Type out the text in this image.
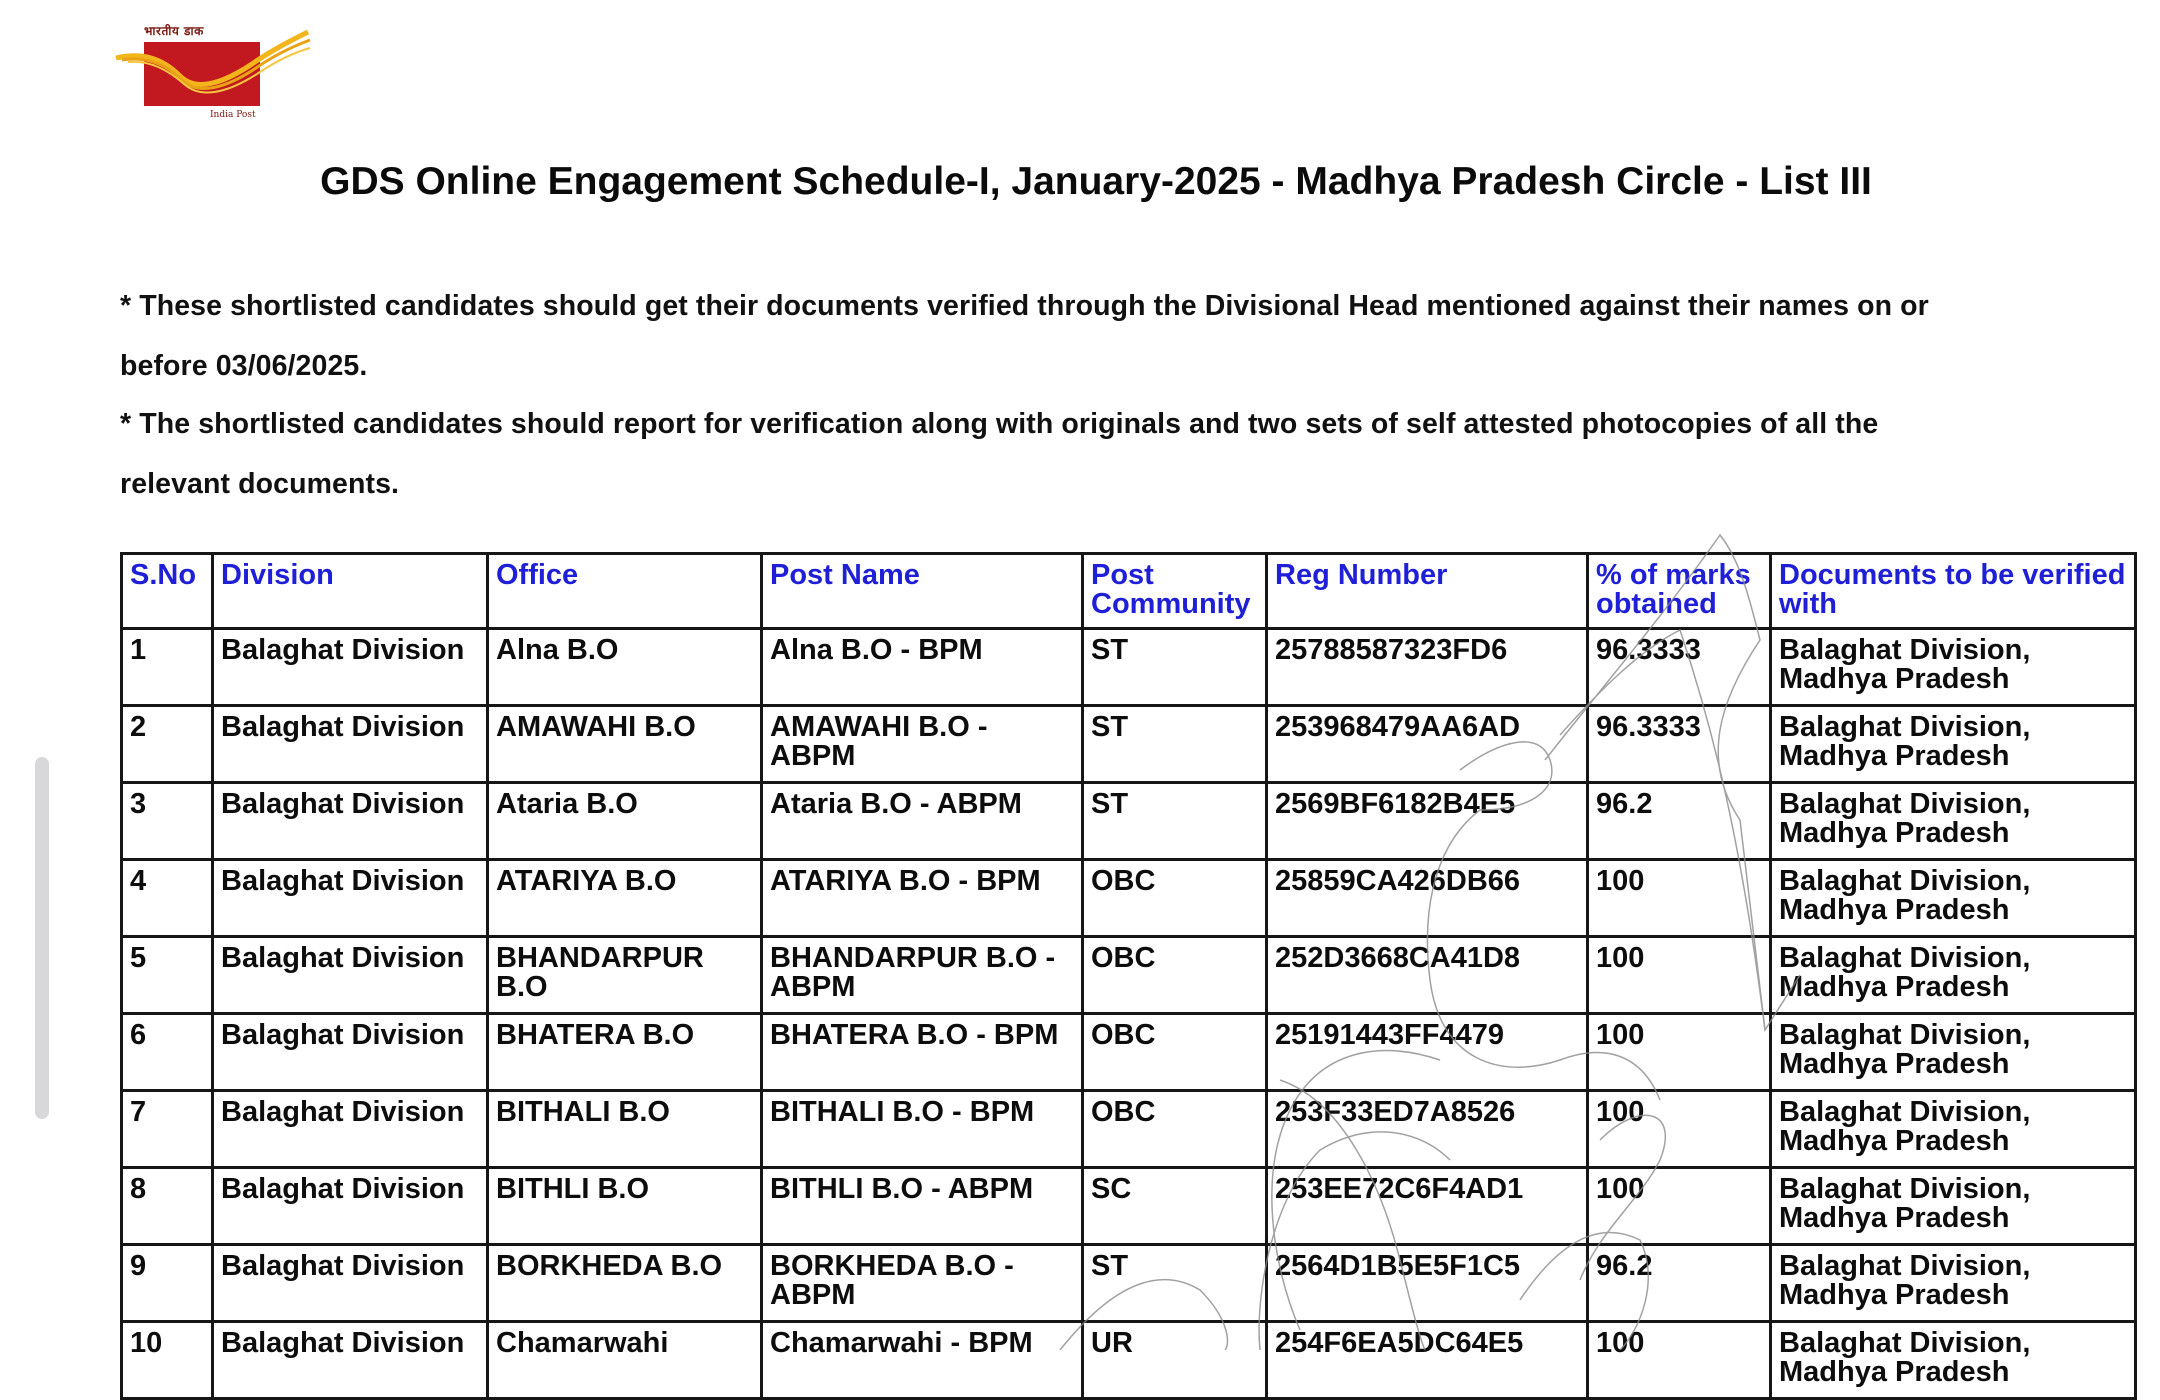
भारतीय डाक
India Post
GDS Online Engagement Schedule-I, January-2025 - Madhya Pradesh Circle - List III
* These shortlisted candidates should get their documents verified through the Divisional Head mentioned against their names on or
before 03/06/2025.
* The shortlisted candidates should report for verification along with originals and two sets of self attested photocopies of all the
relevant documents.
S.No	Division	Office	Post Name	Post Community	Reg Number	% of marks obtained	Documents to be verified with
1	Balaghat Division	Alna B.O	Alna B.O - BPM	ST	25788587323FD6	96.3333	Balaghat Division, Madhya Pradesh
2	Balaghat Division	AMAWAHI B.O	AMAWAHI B.O - ABPM	ST	253968479AA6AD	96.3333	Balaghat Division, Madhya Pradesh
3	Balaghat Division	Ataria B.O	Ataria B.O - ABPM	ST	2569BF6182B4E5	96.2	Balaghat Division, Madhya Pradesh
4	Balaghat Division	ATARIYA B.O	ATARIYA B.O - BPM	OBC	25859CA426DB66	100	Balaghat Division, Madhya Pradesh
5	Balaghat Division	BHANDARPUR B.O	BHANDARPUR B.O - ABPM	OBC	252D3668CA41D8	100	Balaghat Division, Madhya Pradesh
6	Balaghat Division	BHATERA B.O	BHATERA B.O - BPM	OBC	25191443FF4479	100	Balaghat Division, Madhya Pradesh
7	Balaghat Division	BITHALI B.O	BITHALI B.O - BPM	OBC	253F33ED7A8526	100	Balaghat Division, Madhya Pradesh
8	Balaghat Division	BITHLI B.O	BITHLI B.O - ABPM	SC	253EE72C6F4AD1	100	Balaghat Division, Madhya Pradesh
9	Balaghat Division	BORKHEDA B.O	BORKHEDA B.O - ABPM	ST	2564D1B5E5F1C5	96.2	Balaghat Division, Madhya Pradesh
10	Balaghat Division	Chamarwahi	Chamarwahi - BPM	UR	254F6EA5DC64E5	100	Balaghat Division, Madhya Pradesh
